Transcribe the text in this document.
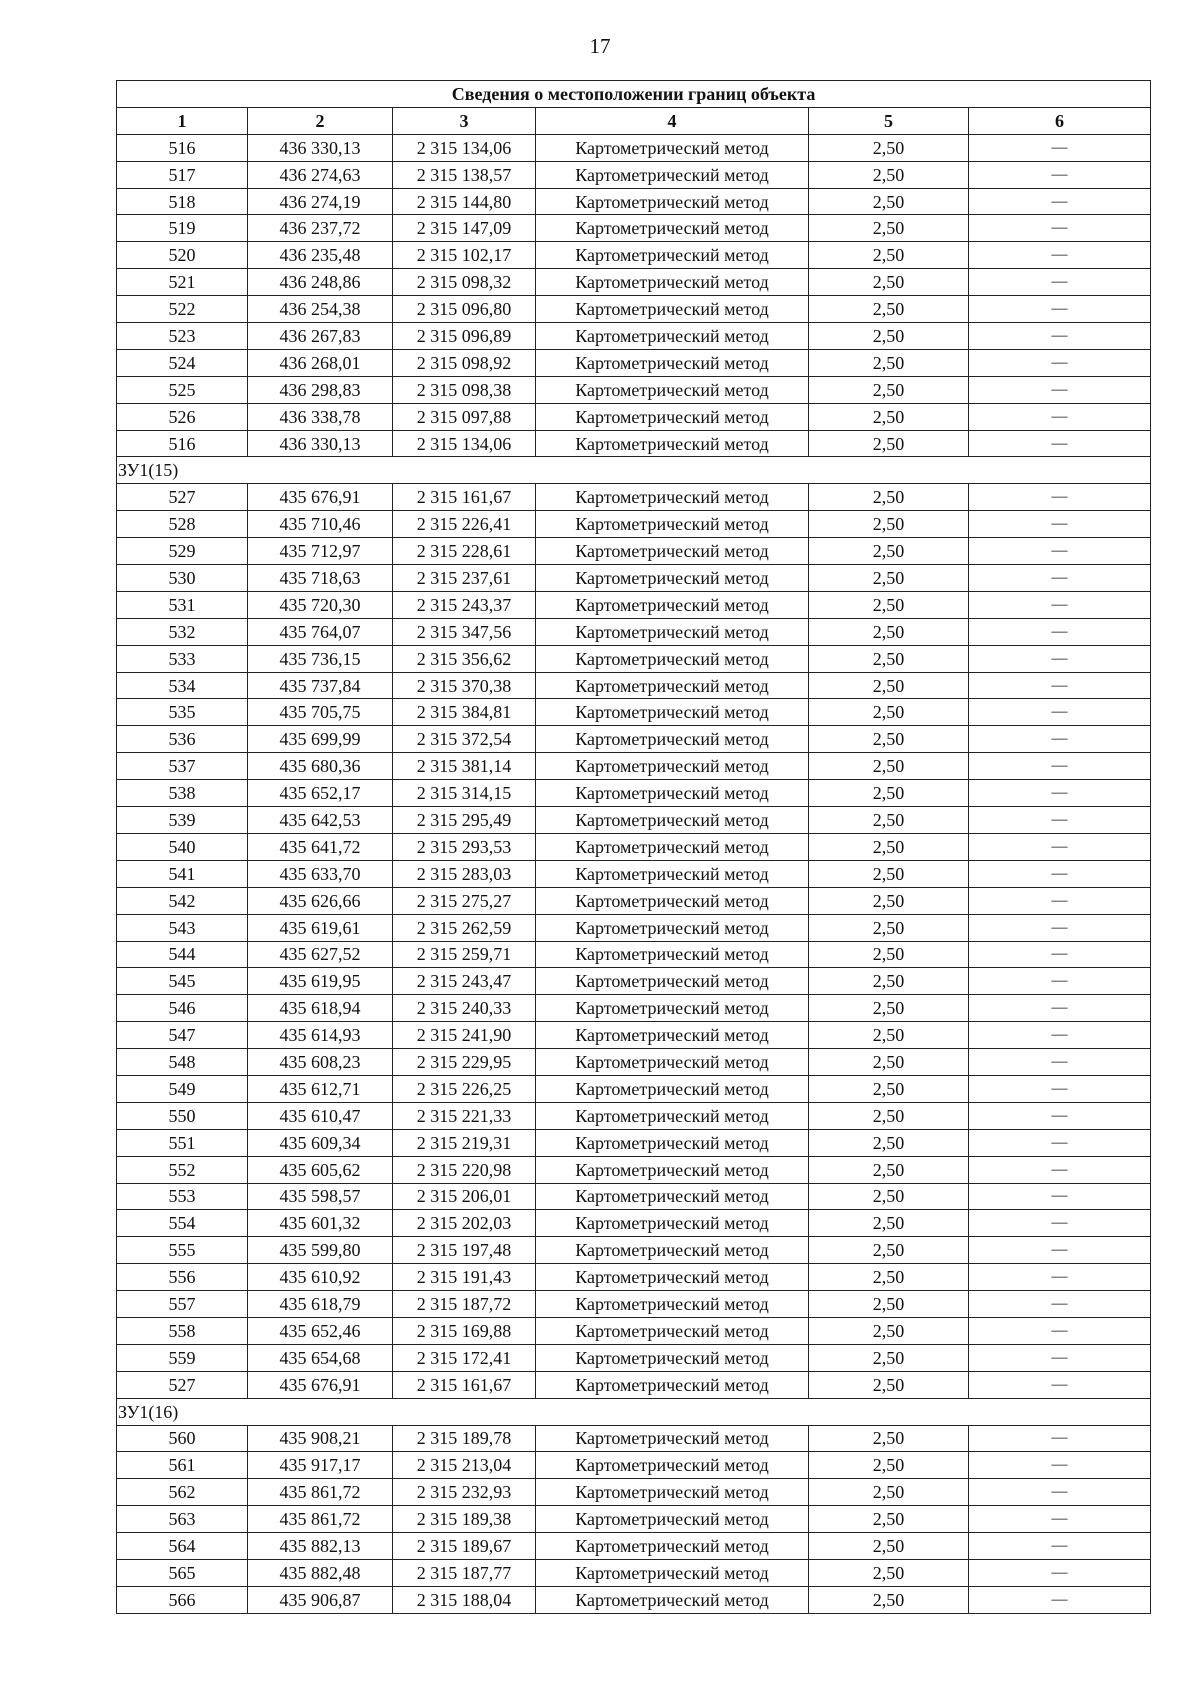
17
Сведения о местоположении границ объекта					
1	2	3	4	5	6
516	436 330,13	2 315 134,06	Картометрический метод	2,50	—
517	436 274,63	2 315 138,57	Картометрический метод	2,50	—
518	436 274,19	2 315 144,80	Картометрический метод	2,50	—
519	436 237,72	2 315 147,09	Картометрический метод	2,50	—
520	436 235,48	2 315 102,17	Картометрический метод	2,50	—
521	436 248,86	2 315 098,32	Картометрический метод	2,50	—
522	436 254,38	2 315 096,80	Картометрический метод	2,50	—
523	436 267,83	2 315 096,89	Картометрический метод	2,50	—
524	436 268,01	2 315 098,92	Картометрический метод	2,50	—
525	436 298,83	2 315 098,38	Картометрический метод	2,50	—
526	436 338,78	2 315 097,88	Картометрический метод	2,50	—
516	436 330,13	2 315 134,06	Картометрический метод	2,50	—
ЗУ1(15)					
527	435 676,91	2 315 161,67	Картометрический метод	2,50	—
528	435 710,46	2 315 226,41	Картометрический метод	2,50	—
529	435 712,97	2 315 228,61	Картометрический метод	2,50	—
530	435 718,63	2 315 237,61	Картометрический метод	2,50	—
531	435 720,30	2 315 243,37	Картометрический метод	2,50	—
532	435 764,07	2 315 347,56	Картометрический метод	2,50	—
533	435 736,15	2 315 356,62	Картометрический метод	2,50	—
534	435 737,84	2 315 370,38	Картометрический метод	2,50	—
535	435 705,75	2 315 384,81	Картометрический метод	2,50	—
536	435 699,99	2 315 372,54	Картометрический метод	2,50	—
537	435 680,36	2 315 381,14	Картометрический метод	2,50	—
538	435 652,17	2 315 314,15	Картометрический метод	2,50	—
539	435 642,53	2 315 295,49	Картометрический метод	2,50	—
540	435 641,72	2 315 293,53	Картометрический метод	2,50	—
541	435 633,70	2 315 283,03	Картометрический метод	2,50	—
542	435 626,66	2 315 275,27	Картометрический метод	2,50	—
543	435 619,61	2 315 262,59	Картометрический метод	2,50	—
544	435 627,52	2 315 259,71	Картометрический метод	2,50	—
545	435 619,95	2 315 243,47	Картометрический метод	2,50	—
546	435 618,94	2 315 240,33	Картометрический метод	2,50	—
547	435 614,93	2 315 241,90	Картометрический метод	2,50	—
548	435 608,23	2 315 229,95	Картометрический метод	2,50	—
549	435 612,71	2 315 226,25	Картометрический метод	2,50	—
550	435 610,47	2 315 221,33	Картометрический метод	2,50	—
551	435 609,34	2 315 219,31	Картометрический метод	2,50	—
552	435 605,62	2 315 220,98	Картометрический метод	2,50	—
553	435 598,57	2 315 206,01	Картометрический метод	2,50	—
554	435 601,32	2 315 202,03	Картометрический метод	2,50	—
555	435 599,80	2 315 197,48	Картометрический метод	2,50	—
556	435 610,92	2 315 191,43	Картометрический метод	2,50	—
557	435 618,79	2 315 187,72	Картометрический метод	2,50	—
558	435 652,46	2 315 169,88	Картометрический метод	2,50	—
559	435 654,68	2 315 172,41	Картометрический метод	2,50	—
527	435 676,91	2 315 161,67	Картометрический метод	2,50	—
ЗУ1(16)					
560	435 908,21	2 315 189,78	Картометрический метод	2,50	—
561	435 917,17	2 315 213,04	Картометрический метод	2,50	—
562	435 861,72	2 315 232,93	Картометрический метод	2,50	—
563	435 861,72	2 315 189,38	Картометрический метод	2,50	—
564	435 882,13	2 315 189,67	Картометрический метод	2,50	—
565	435 882,48	2 315 187,77	Картометрический метод	2,50	—
566	435 906,87	2 315 188,04	Картометрический метод	2,50	—
